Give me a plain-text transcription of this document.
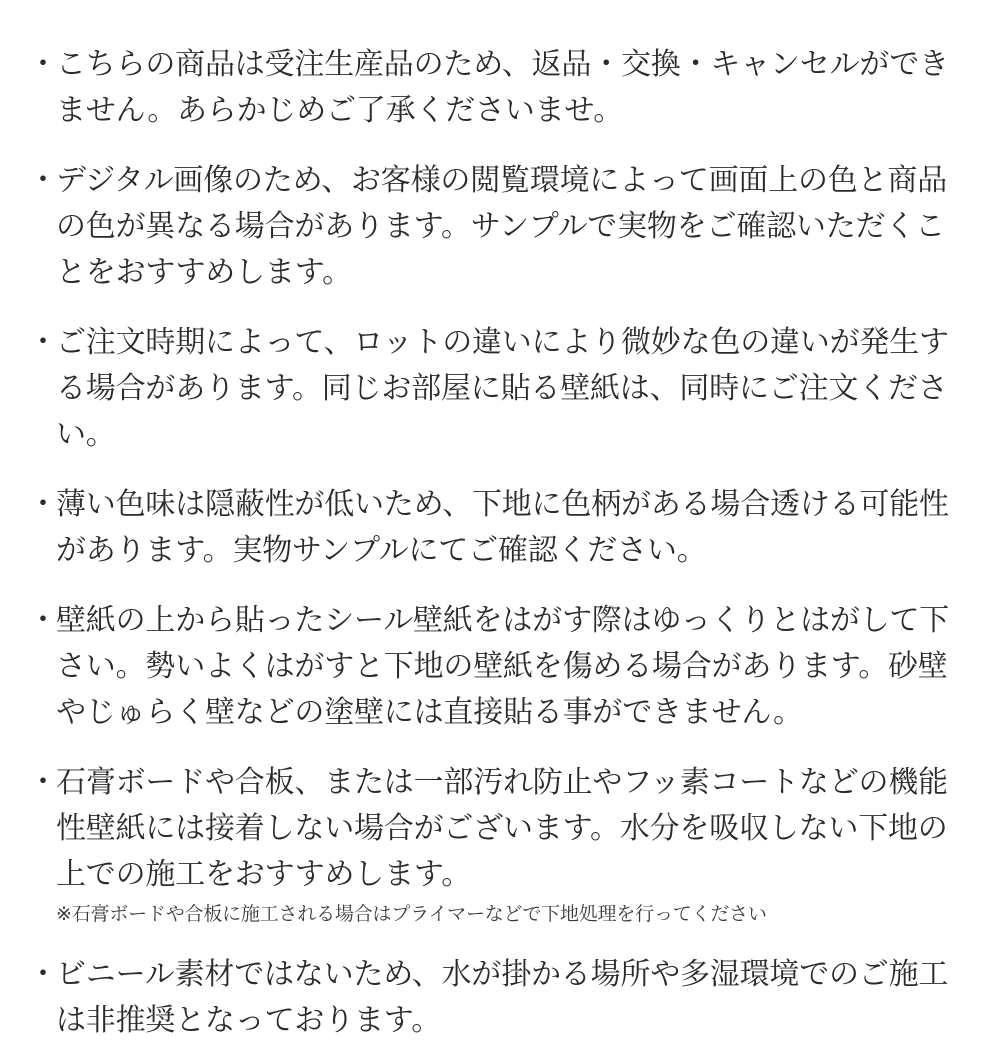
・
こちらの商品は受注生産品のため、返品・交換・キャンセルができません。あらかじめご了承くださいませ。
・
デジタル画像のため、お客様の閲覧環境によって画面上の色と商品の色が異なる場合があります。サンプルで実物をご確認いただくことをおすすめします。
・
ご注文時期によって、ロットの違いにより微妙な色の違いが発生する場合があります。同じお部屋に貼る壁紙は、同時にご注文ください。
・
薄い色味は隠蔽性が低いため、下地に色柄がある場合透ける可能性があります。実物サンプルにてご確認ください。
・
壁紙の上から貼ったシール壁紙をはがす際はゆっくりとはがして下さい。勢いよくはがすと下地の壁紙を傷める場合があります。砂壁やじゅらく壁などの塗壁には直接貼る事ができません。
・
石膏ボードや合板、または一部汚れ防止やフッ素コートなどの機能性壁紙には接着しない場合がございます。水分を吸収しない下地の上での施工をおすすめします。
※石膏ボードや合板に施工される場合はプライマーなどで下地処理を行ってください
・
ビニール素材ではないため、水が掛かる場所や多湿環境でのご施工は非推奨となっております。
